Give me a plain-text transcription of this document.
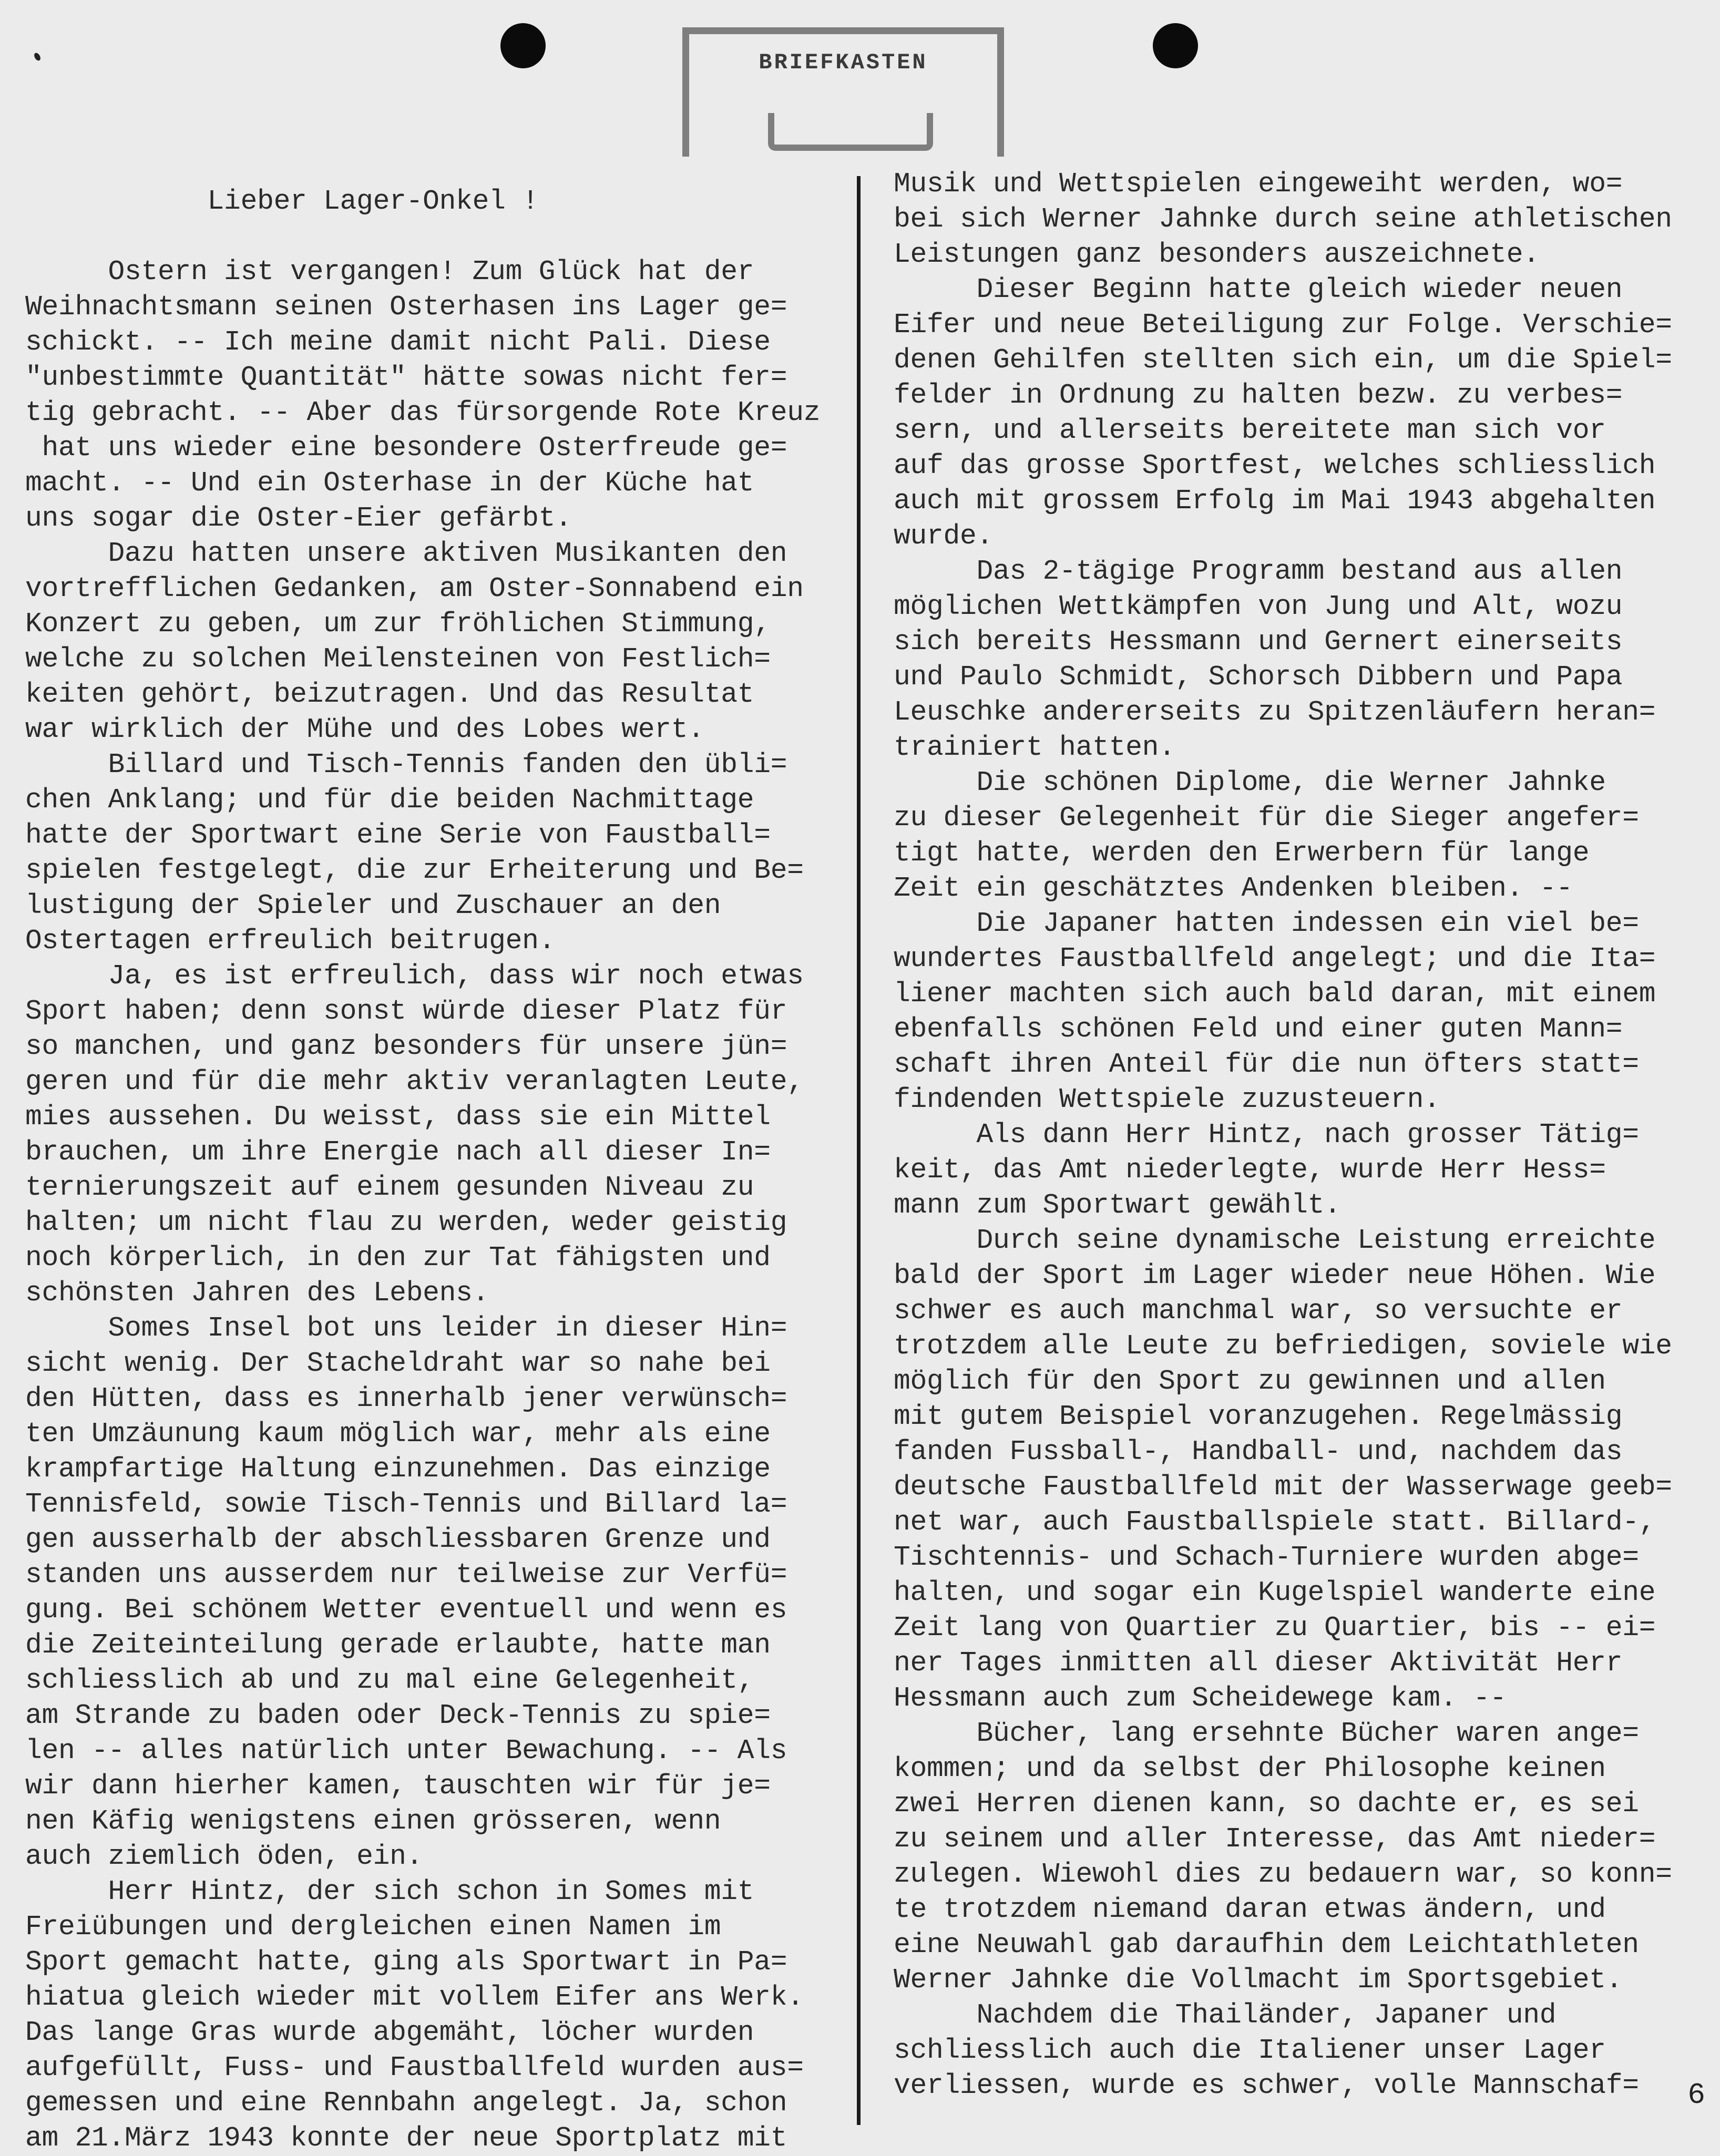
BRIEFKASTEN
Lieber Lager-Onkel !
Ostern ist vergangen! Zum Glück hat der
Weihnachtsmann seinen Osterhasen ins Lager ge=
schickt. -- Ich meine damit nicht Pali. Diese
"unbestimmte Quantität" hätte sowas nicht fer=
tig gebracht. -- Aber das fürsorgende Rote Kreuz
hat uns wieder eine besondere Osterfreude ge=
macht. -- Und ein Osterhase in der Küche hat
uns sogar die Oster-Eier gefärbt.
Dazu hatten unsere aktiven Musikanten den
vortrefflichen Gedanken, am Oster-Sonnabend ein
Konzert zu geben, um zur fröhlichen Stimmung,
welche zu solchen Meilensteinen von Festlich=
keiten gehört, beizutragen. Und das Resultat
war wirklich der Mühe und des Lobes wert.
Billard und Tisch-Tennis fanden den übli=
chen Anklang; und für die beiden Nachmittage
hatte der Sportwart eine Serie von Faustball=
spielen festgelegt, die zur Erheiterung und Be=
lustigung der Spieler und Zuschauer an den
Ostertagen erfreulich beitrugen.
Ja, es ist erfreulich, dass wir noch etwas
Sport haben; denn sonst würde dieser Platz für
so manchen, und ganz besonders für unsere jün=
geren und für die mehr aktiv veranlagten Leute,
mies aussehen. Du weisst, dass sie ein Mittel
brauchen, um ihre Energie nach all dieser In=
ternierungszeit auf einem gesunden Niveau zu
halten; um nicht flau zu werden, weder geistig
noch körperlich, in den zur Tat fähigsten und
schönsten Jahren des Lebens.
Somes Insel bot uns leider in dieser Hin=
sicht wenig. Der Stacheldraht war so nahe bei
den Hütten, dass es innerhalb jener verwünsch=
ten Umzäunung kaum möglich war, mehr als eine
krampfartige Haltung einzunehmen. Das einzige
Tennisfeld, sowie Tisch-Tennis und Billard la=
gen ausserhalb der abschliessbaren Grenze und
standen uns ausserdem nur teilweise zur Verfü=
gung. Bei schönem Wetter eventuell und wenn es
die Zeiteinteilung gerade erlaubte, hatte man
schliesslich ab und zu mal eine Gelegenheit,
am Strande zu baden oder Deck-Tennis zu spie=
len -- alles natürlich unter Bewachung. -- Als
wir dann hierher kamen, tauschten wir für je=
nen Käfig wenigstens einen grösseren, wenn
auch ziemlich öden, ein.
Herr Hintz, der sich schon in Somes mit
Freiübungen und dergleichen einen Namen im
Sport gemacht hatte, ging als Sportwart in Pa=
hiatua gleich wieder mit vollem Eifer ans Werk.
Das lange Gras wurde abgemäht, löcher wurden
aufgefüllt, Fuss- und Faustballfeld wurden aus=
gemessen und eine Rennbahn angelegt. Ja, schon
am 21.März 1943 konnte der neue Sportplatz mit
Musik und Wettspielen eingeweiht werden, wo=
bei sich Werner Jahnke durch seine athletischen
Leistungen ganz besonders auszeichnete.
Dieser Beginn hatte gleich wieder neuen
Eifer und neue Beteiligung zur Folge. Verschie=
denen Gehilfen stellten sich ein, um die Spiel=
felder in Ordnung zu halten bezw. zu verbes=
sern, und allerseits bereitete man sich vor
auf das grosse Sportfest, welches schliesslich
auch mit grossem Erfolg im Mai 1943 abgehalten
wurde.
Das 2-tägige Programm bestand aus allen
möglichen Wettkämpfen von Jung und Alt, wozu
sich bereits Hessmann und Gernert einerseits
und Paulo Schmidt, Schorsch Dibbern und Papa
Leuschke andererseits zu Spitzenläufern heran=
trainiert hatten.
Die schönen Diplome, die Werner Jahnke
zu dieser Gelegenheit für die Sieger angefer=
tigt hatte, werden den Erwerbern für lange
Zeit ein geschätztes Andenken bleiben. --
Die Japaner hatten indessen ein viel be=
wundertes Faustballfeld angelegt; und die Ita=
liener machten sich auch bald daran, mit einem
ebenfalls schönen Feld und einer guten Mann=
schaft ihren Anteil für die nun öfters statt=
findenden Wettspiele zuzusteuern.
Als dann Herr Hintz, nach grosser Tätig=
keit, das Amt niederlegte, wurde Herr Hess=
mann zum Sportwart gewählt.
Durch seine dynamische Leistung erreichte
bald der Sport im Lager wieder neue Höhen. Wie
schwer es auch manchmal war, so versuchte er
trotzdem alle Leute zu befriedigen, soviele wie
möglich für den Sport zu gewinnen und allen
mit gutem Beispiel voranzugehen. Regelmässig
fanden Fussball-, Handball- und, nachdem das
deutsche Faustballfeld mit der Wasserwage geeb=
net war, auch Faustballspiele statt. Billard-,
Tischtennis- und Schach-Turniere wurden abge=
halten, und sogar ein Kugelspiel wanderte eine
Zeit lang von Quartier zu Quartier, bis -- ei=
ner Tages inmitten all dieser Aktivität Herr
Hessmann auch zum Scheidewege kam. --
Bücher, lang ersehnte Bücher waren ange=
kommen; und da selbst der Philosophe keinen
zwei Herren dienen kann, so dachte er, es sei
zu seinem und aller Interesse, das Amt nieder=
zulegen. Wiewohl dies zu bedauern war, so konn=
te trotzdem niemand daran etwas ändern, und
eine Neuwahl gab daraufhin dem Leichtathleten
Werner Jahnke die Vollmacht im Sportsgebiet.
Nachdem die Thailänder, Japaner und
schliesslich auch die Italiener unser Lager
verliessen, wurde es schwer, volle Mannschaf=	6
